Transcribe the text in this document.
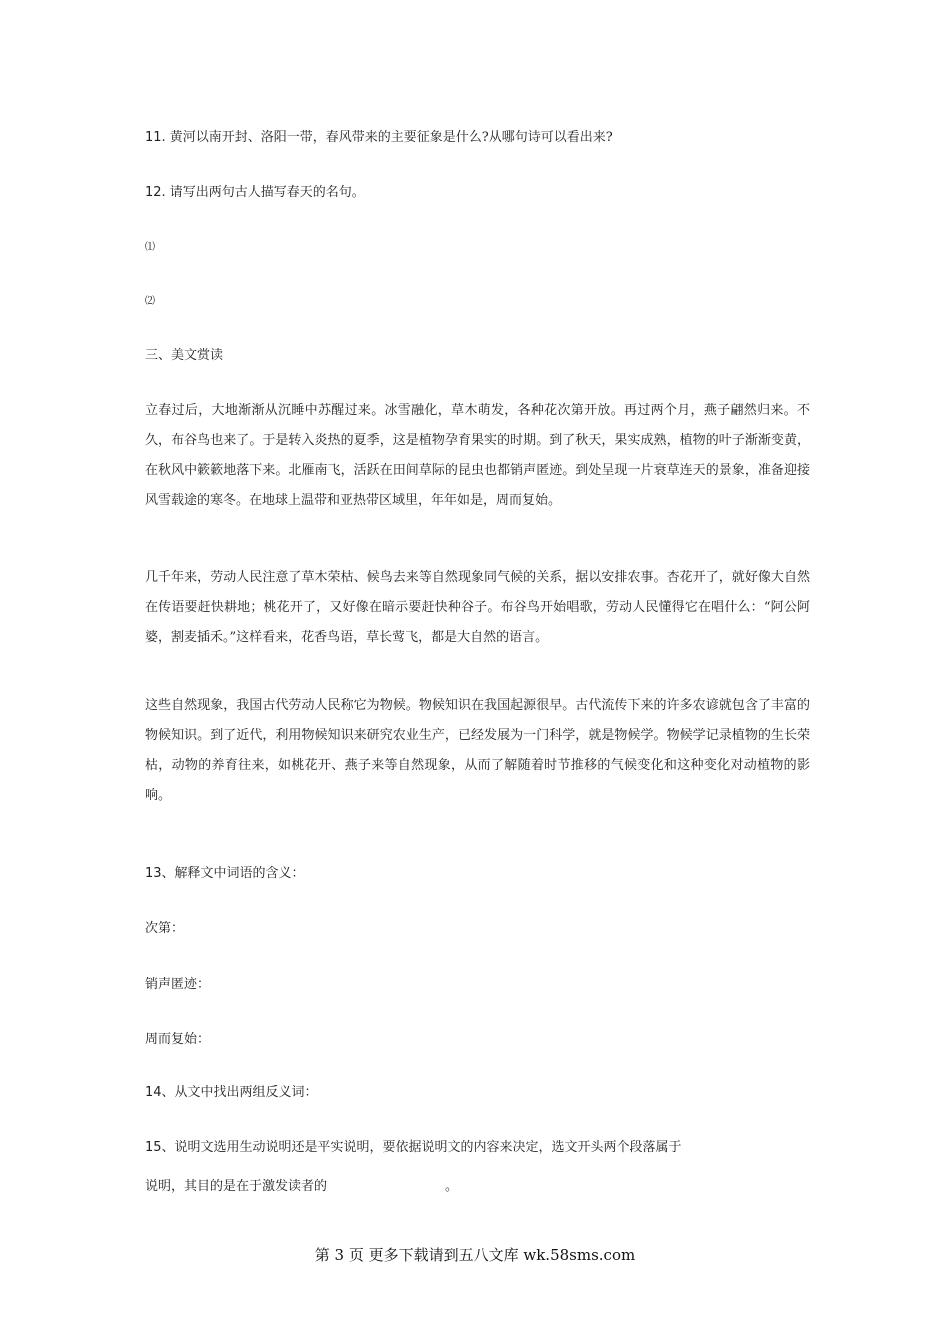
11. 黄河以南开封、洛阳一带，春风带来的主要征象是什么?从哪句诗可以看出来?
12. 请写出两句古人描写春天的名句。
⑴
⑵
三、美文赏读
立春过后，大地渐渐从沉睡中苏醒过来。冰雪融化，草木萌发，各种花次第开放。再过两个月，燕子翩然归来。不久，布谷鸟也来了。于是转入炎热的夏季，这是植物孕育果实的时期。到了秋天，果实成熟，植物的叶子渐渐变黄，在秋风中簌簌地落下来。北雁南飞，活跃在田间草际的昆虫也都销声匿迹。到处呈现一片衰草连天的景象，准备迎接风雪载途的寒冬。在地球上温带和亚热带区域里，年年如是，周而复始。
几千年来，劳动人民注意了草木荣枯、候鸟去来等自然现象同气候的关系，据以安排农事。杏花开了，就好像大自然在传语要赶快耕地；桃花开了，又好像在暗示要赶快种谷子。布谷鸟开始唱歌，劳动人民懂得它在唱什么：“阿公阿婆，割麦插禾。”这样看来，花香鸟语，草长莺飞，都是大自然的语言。
这些自然现象，我国古代劳动人民称它为物候。物候知识在我国起源很早。古代流传下来的许多农谚就包含了丰富的物候知识。到了近代，利用物候知识来研究农业生产，已经发展为一门科学，就是物候学。物候学记录植物的生长荣枯，动物的养育往来，如桃花开、燕子来等自然现象，从而了解随着时节推移的气候变化和这种变化对动植物的影响。
13、解释文中词语的含义：
次第：
销声匿迹：
周而复始：
14、从文中找出两组反义词：
15、说明文选用生动说明还是平实说明，要依据说明文的内容来决定，选文开头两个段落属于
说明，其目的是在于激发读者的	。
第 3 页 更多下载请到五八文库 wk.58sms.com
